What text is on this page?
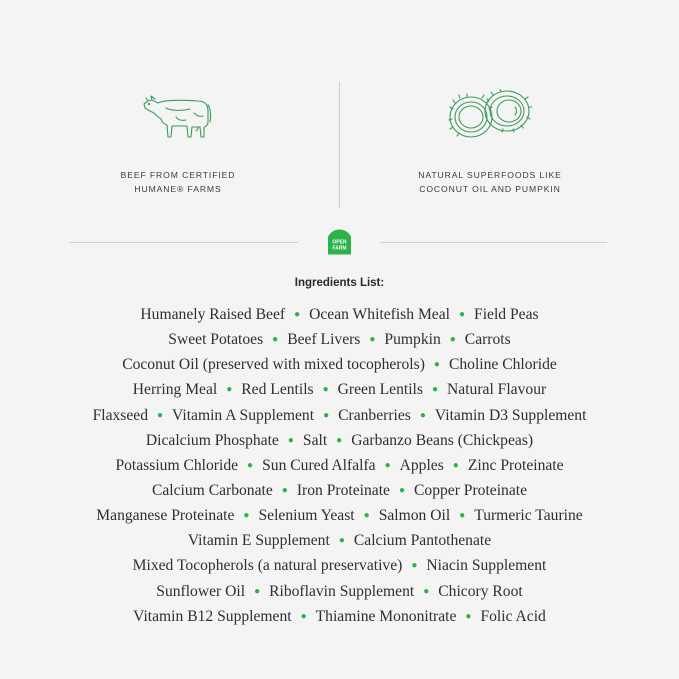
BEEF FROM CERTIFIED
HUMANE® FARMS
NATURAL SUPERFOODS LIKE
COCONUT OIL AND PUMPKIN
OPEN
FARM
Ingredients List:
Humanely Raised Beef ● Ocean Whitefish Meal ● Field Peas
Sweet Potatoes ● Beef Livers ● Pumpkin ● Carrots
Coconut Oil (preserved with mixed tocopherols) ● Choline Chloride
Herring Meal ● Red Lentils ● Green Lentils ● Natural Flavour
Flaxseed ● Vitamin A Supplement ● Cranberries ● Vitamin D3 Supplement
Dicalcium Phosphate ● Salt ● Garbanzo Beans (Chickpeas)
Potassium Chloride ● Sun Cured Alfalfa ● Apples ● Zinc Proteinate
Calcium Carbonate ● Iron Proteinate ● Copper Proteinate
Manganese Proteinate ● Selenium Yeast ● Salmon Oil ● Turmeric Taurine
Vitamin E Supplement ● Calcium Pantothenate
Mixed Tocopherols (a natural preservative) ● Niacin Supplement
Sunflower Oil ● Riboflavin Supplement ● Chicory Root
Vitamin B12 Supplement ● Thiamine Mononitrate ● Folic Acid
